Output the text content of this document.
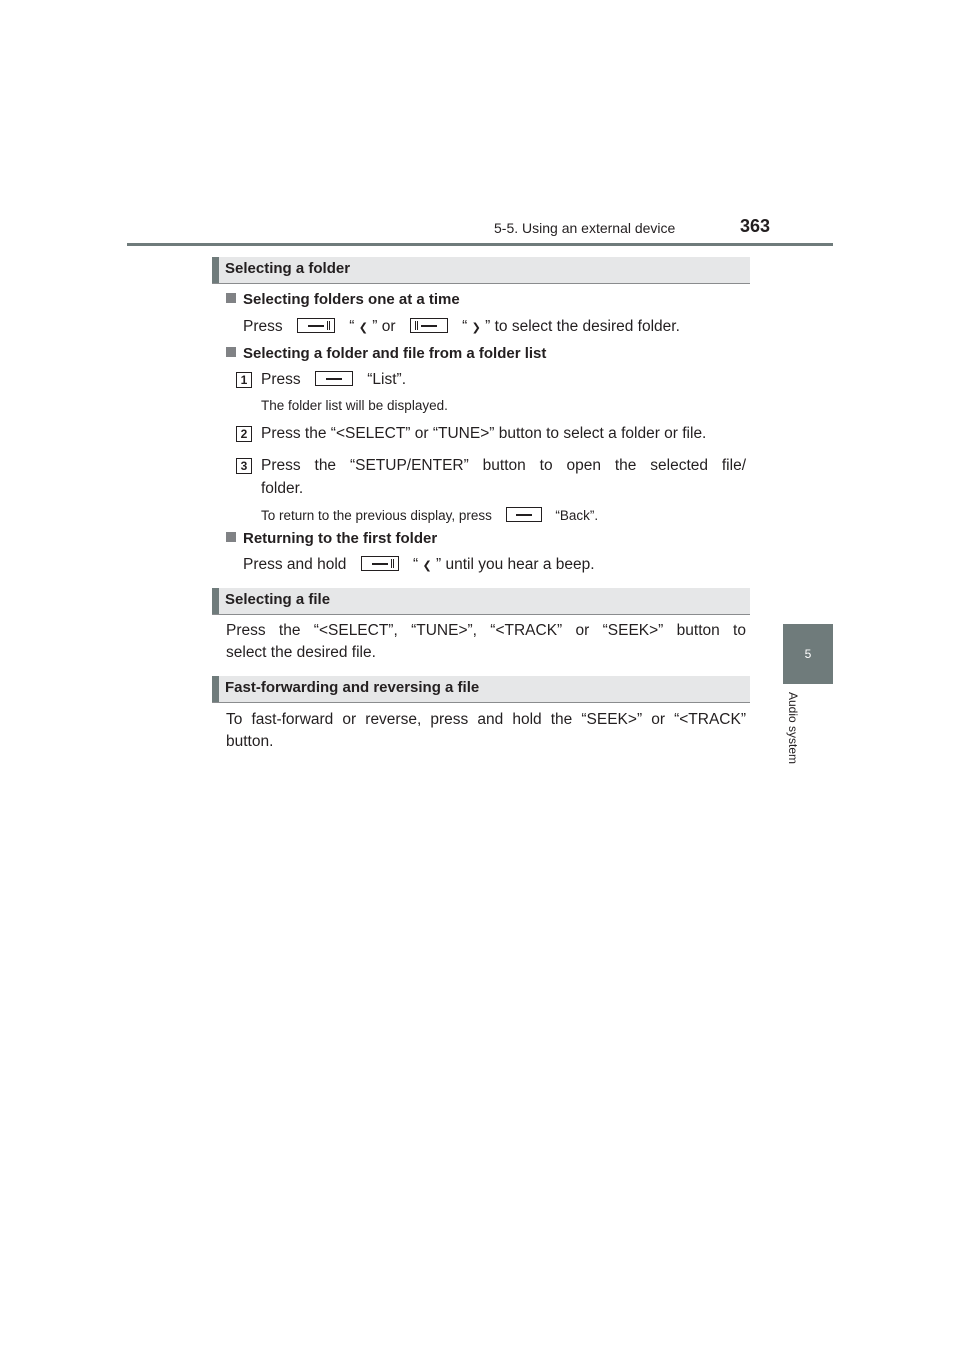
5-5. Using an external device	363
5
Audio system
Selecting a folder
Selecting folders one at a time
Press	“ ❮ ” or	“ ❯ ” to select the desired folder.
Selecting a folder and file from a folder list
1 Press	“List”.
The folder list will be displayed.
2 Press the “<SELECT” or “TUNE>” button to select a folder or file.
3 Press the “SETUP/ENTER” button to open the selected file/
folder.
To return to the previous display, press	“Back”.
Returning to the first folder
Press and hold	“ ❮ ” until you hear a beep.
Selecting a file
Press the “<SELECT”, “TUNE>”, “<TRACK” or “SEEK>” button to
select the desired file.
Fast-forwarding and reversing a file
To fast-forward or reverse, press and hold the “SEEK>” or “<TRACK”
button.
